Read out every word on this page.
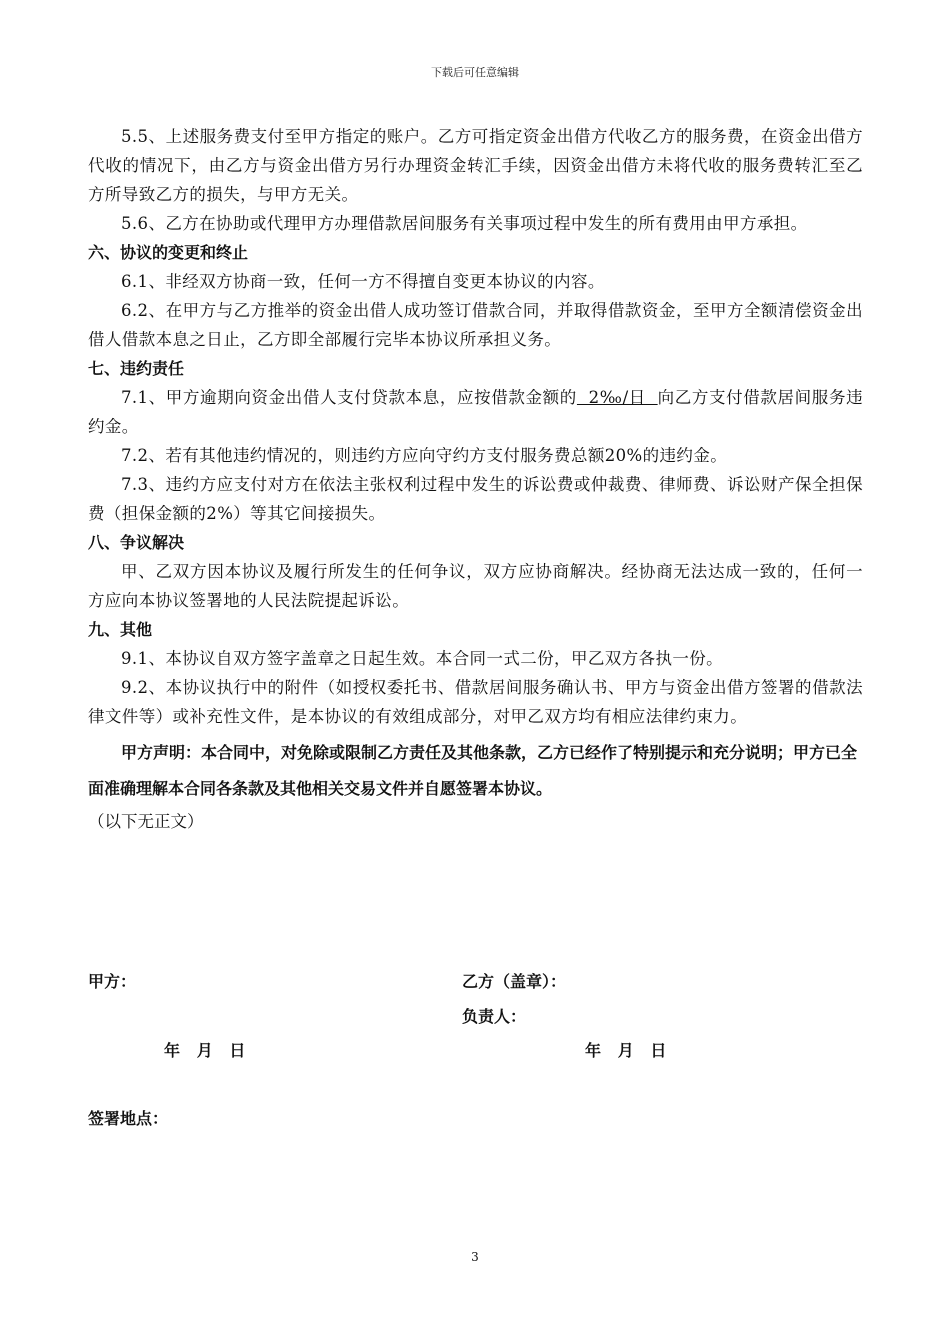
下载后可任意编辑

5.5、上述服务费支付至甲方指定的账户。乙方可指定资金出借方代收乙方的服务费，在资金出借方代收的情况下，由乙方与资金出借方另行办理资金转汇手续，因资金出借方未将代收的服务费转汇至乙方所导致乙方的损失，与甲方无关。

5.6、乙方在协助或代理甲方办理借款居间服务有关事项过程中发生的所有费用由甲方承担。

六、协议的变更和终止

6.1、非经双方协商一致，任何一方不得擅自变更本协议的内容。

6.2、在甲方与乙方推举的资金出借人成功签订借款合同，并取得借款资金，至甲方全额清偿资金出借人借款本息之日止，乙方即全部履行完毕本协议所承担义务。

七、违约责任

7.1、甲方逾期向资金出借人支付贷款本息，应按借款金额的  2‰/日  向乙方支付借款居间服务违约金。

7.2、若有其他违约情况的，则违约方应向守约方支付服务费总额20%的违约金。

7.3、违约方应支付对方在依法主张权利过程中发生的诉讼费或仲裁费、律师费、诉讼财产保全担保费（担保金额的2%）等其它间接损失。

八、争议解决

甲、乙双方因本协议及履行所发生的任何争议，双方应协商解决。经协商无法达成一致的，任何一方应向本协议签署地的人民法院提起诉讼。

九、其他

9.1、本协议自双方签字盖章之日起生效。本合同一式二份，甲乙双方各执一份。

9.2、本协议执行中的附件（如授权委托书、借款居间服务确认书、甲方与资金出借方签署的借款法律文件等）或补充性文件，是本协议的有效组成部分，对甲乙双方均有相应法律约束力。

甲方声明：本合同中，对免除或限制乙方责任及其他条款，乙方已经作了特别提示和充分说明；甲方已全面准确理解本合同各条款及其他相关交易文件并自愿签署本协议。

（以下无正文）

甲方：	乙方（盖章）：
负责人：
年   月   日	年   月   日
签署地点：
3
